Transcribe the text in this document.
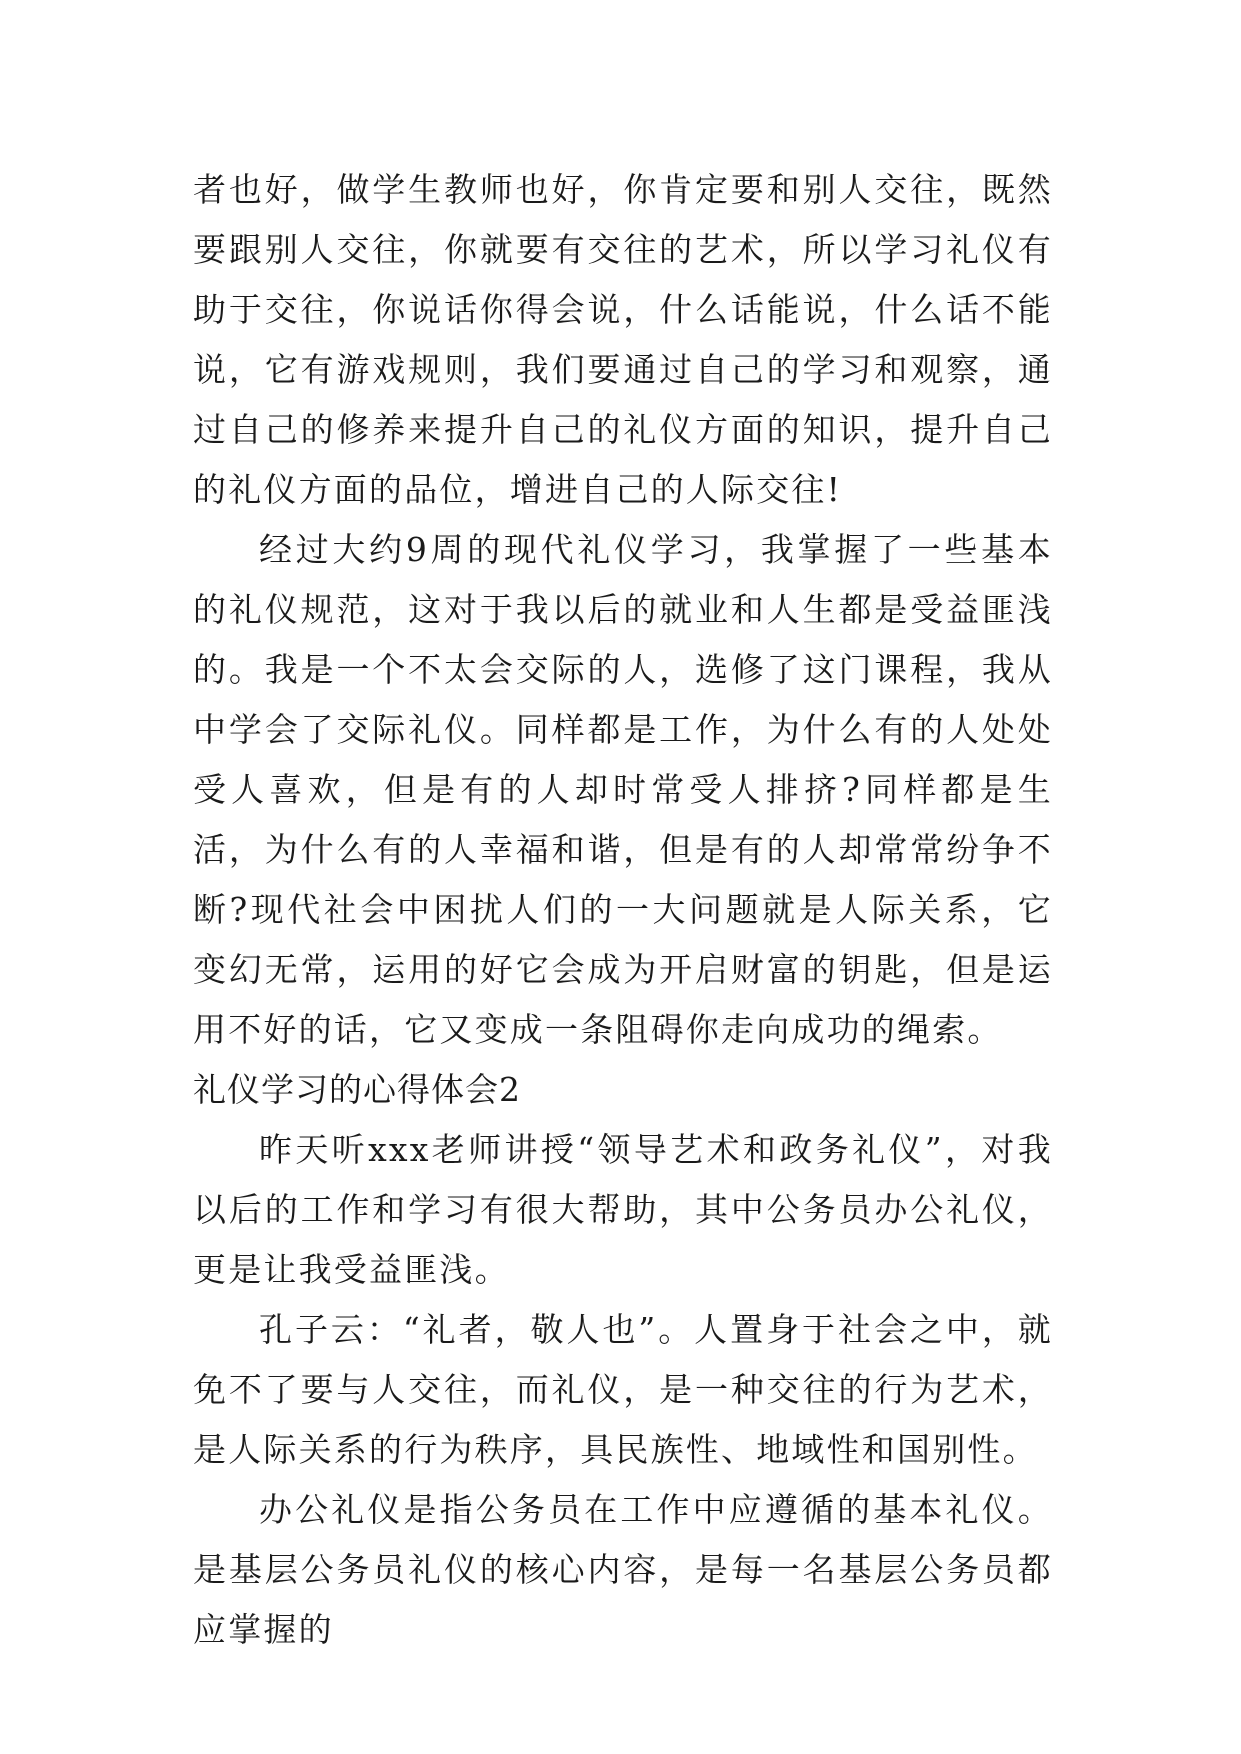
者也好，做学生教师也好，你肯定要和别人交往，既然要跟别人交往，你就要有交往的艺术，所以学习礼仪有助于交往，你说话你得会说，什么话能说，什么话不能说，它有游戏规则，我们要通过自己的学习和观察，通过自己的修养来提升自己的礼仪方面的知识，提升自己的礼仪方面的品位，增进自己的人际交往!

经过大约9周的现代礼仪学习，我掌握了一些基本的礼仪规范，这对于我以后的就业和人生都是受益匪浅的。我是一个不太会交际的人，选修了这门课程，我从中学会了交际礼仪。同样都是工作，为什么有的人处处受人喜欢，但是有的人却时常受人排挤?同样都是生活，为什么有的人幸福和谐，但是有的人却常常纷争不断?现代社会中困扰人们的一大问题就是人际关系，它变幻无常，运用的好它会成为开启财富的钥匙，但是运用不好的话，它又变成一条阻碍你走向成功的绳索。

礼仪学习的心得体会2

昨天听xxx老师讲授“领导艺术和政务礼仪”，对我以后的工作和学习有很大帮助，其中公务员办公礼仪，更是让我受益匪浅。

孔子云：“礼者，敬人也”。人置身于社会之中，就免不了要与人交往，而礼仪，是一种交往的行为艺术，是人际关系的行为秩序，具民族性、地域性和国别性。

办公礼仪是指公务员在工作中应遵循的基本礼仪。是基层公务员礼仪的核心内容，是每一名基层公务员都应掌握的
